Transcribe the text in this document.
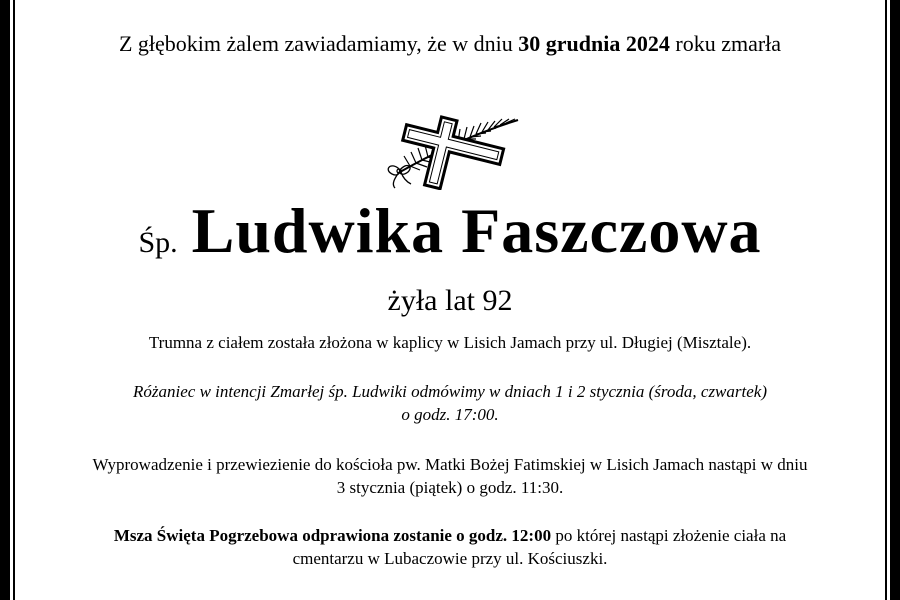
Z głębokim żalem zawiadamiamy, że w dniu 30 grudnia 2024 roku zmarła
Śp. Ludwika Faszczowa
żyła lat 92
Trumna z ciałem została złożona w kaplicy w Lisich Jamach przy ul. Długiej (Misztale).
Różaniec w intencji Zmarłej śp. Ludwiki odmówimy w dniach 1 i 2 stycznia (środa, czwartek)
o godz. 17:00.
Wyprowadzenie i przewiezienie do kościoła pw. Matki Bożej Fatimskiej w Lisich Jamach nastąpi w dniu
3 stycznia (piątek) o godz. 11:30.
Msza Święta Pogrzebowa odprawiona zostanie o godz. 12:00 po której nastąpi złożenie ciała na
cmentarzu w Lubaczowie przy ul. Kościuszki.
